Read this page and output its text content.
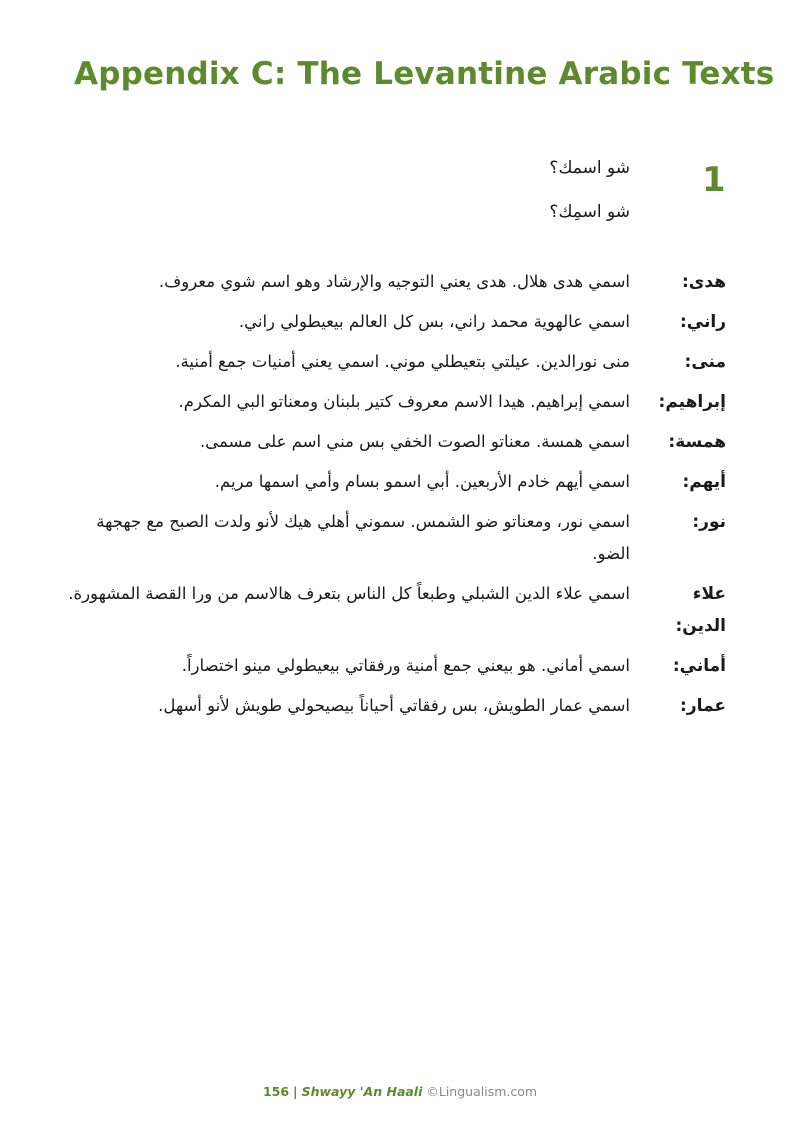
Appendix C: The Levantine Arabic Texts
1
شو اسمك؟
شو اسمِك؟
هدى:
اسمي هدى هلال. هدى يعني التوجيه والإرشاد وهو اسم شوي معروف.
راني:
اسمي عالهوية محمد راني، بس كل العالم بيعيطولي راني.
منى:
منى نورالدين. عيلتي بتعيطلي موني. اسمي يعني أمنيات جمع أمنية.
إبراهيم:
اسمي إبراهيم. هيدا الاسم معروف كتير بلبنان ومعناتو البي المكرم.
همسة:
اسمي همسة. معناتو الصوت الخفي بس مني اسم على مسمى.
أيهم:
اسمي أيهم خادم الأربعين. أبي اسمو بسام وأمي اسمها مريم.
نور:
اسمي نور، ومعناتو ضو الشمس. سموني أهلي هيك لأنو ولدت الصبح مع جهجهة الضو.
علاء الدين:
اسمي علاء الدين الشبلي وطبعاً كل الناس بتعرف هالاسم من ورا القصة المشهورة.
أماني:
اسمي أماني. هو بيعني جمع أمنية ورفقاتي بيعيطولي مينو اختصاراً.
عمار:
اسمي عمار الطويش، بس رفقاتي أحياناً بيصيحولي طويش لأنو أسهل.
156 | Shwayy 'An Haali ©Lingualism.com
